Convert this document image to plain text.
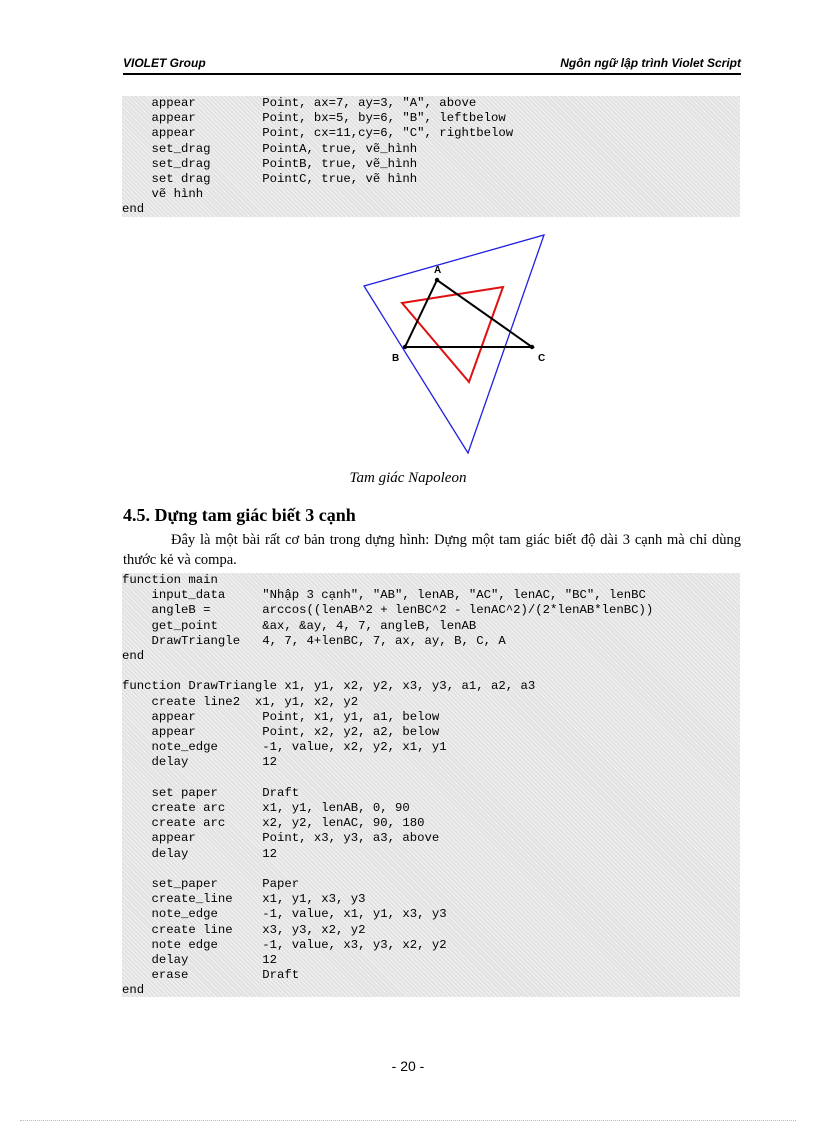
VIOLET Group	Ngôn ngữ lập trình Violet Script
appear         Point, ax=7, ay=3, "A", above
appear         Point, bx=5, by=6, "B", leftbelow
appear         Point, cx=11,cy=6, "C", rightbelow
set_drag       PointA, true, vẽ_hình
set_drag       PointB, true, vẽ_hình
set drag       PointC, true, vẽ hình
vẽ hình
end
A
B	C
Tam giác Napoleon
4.5. Dựng tam giác biết 3 cạnh
Đây là một bài rất cơ bản trong dựng hình: Dựng một tam giác biết độ dài 3 cạnh mà chỉ dùng thước kẻ và compa.
function main
input_data     "Nhập 3 cạnh", "AB", lenAB, "AC", lenAC, "BC", lenBC
angleB =       arccos((lenAB^2 + lenBC^2 - lenAC^2)/(2*lenAB*lenBC))
get_point      &ax, &ay, 4, 7, angleB, lenAB
DrawTriangle   4, 7, 4+lenBC, 7, ax, ay, B, C, A
end

function DrawTriangle x1, y1, x2, y2, x3, y3, a1, a2, a3
create line2  x1, y1, x2, y2
appear         Point, x1, y1, a1, below
appear         Point, x2, y2, a2, below
note_edge      -1, value, x2, y2, x1, y1
delay          12

set paper      Draft
create arc     x1, y1, lenAB, 0, 90
create arc     x2, y2, lenAC, 90, 180
appear         Point, x3, y3, a3, above
delay          12

set_paper      Paper
create_line    x1, y1, x3, y3
note_edge      -1, value, x1, y1, x3, y3
create line    x3, y3, x2, y2
note edge      -1, value, x3, y3, x2, y2
delay          12
erase          Draft
end
- 20 -
